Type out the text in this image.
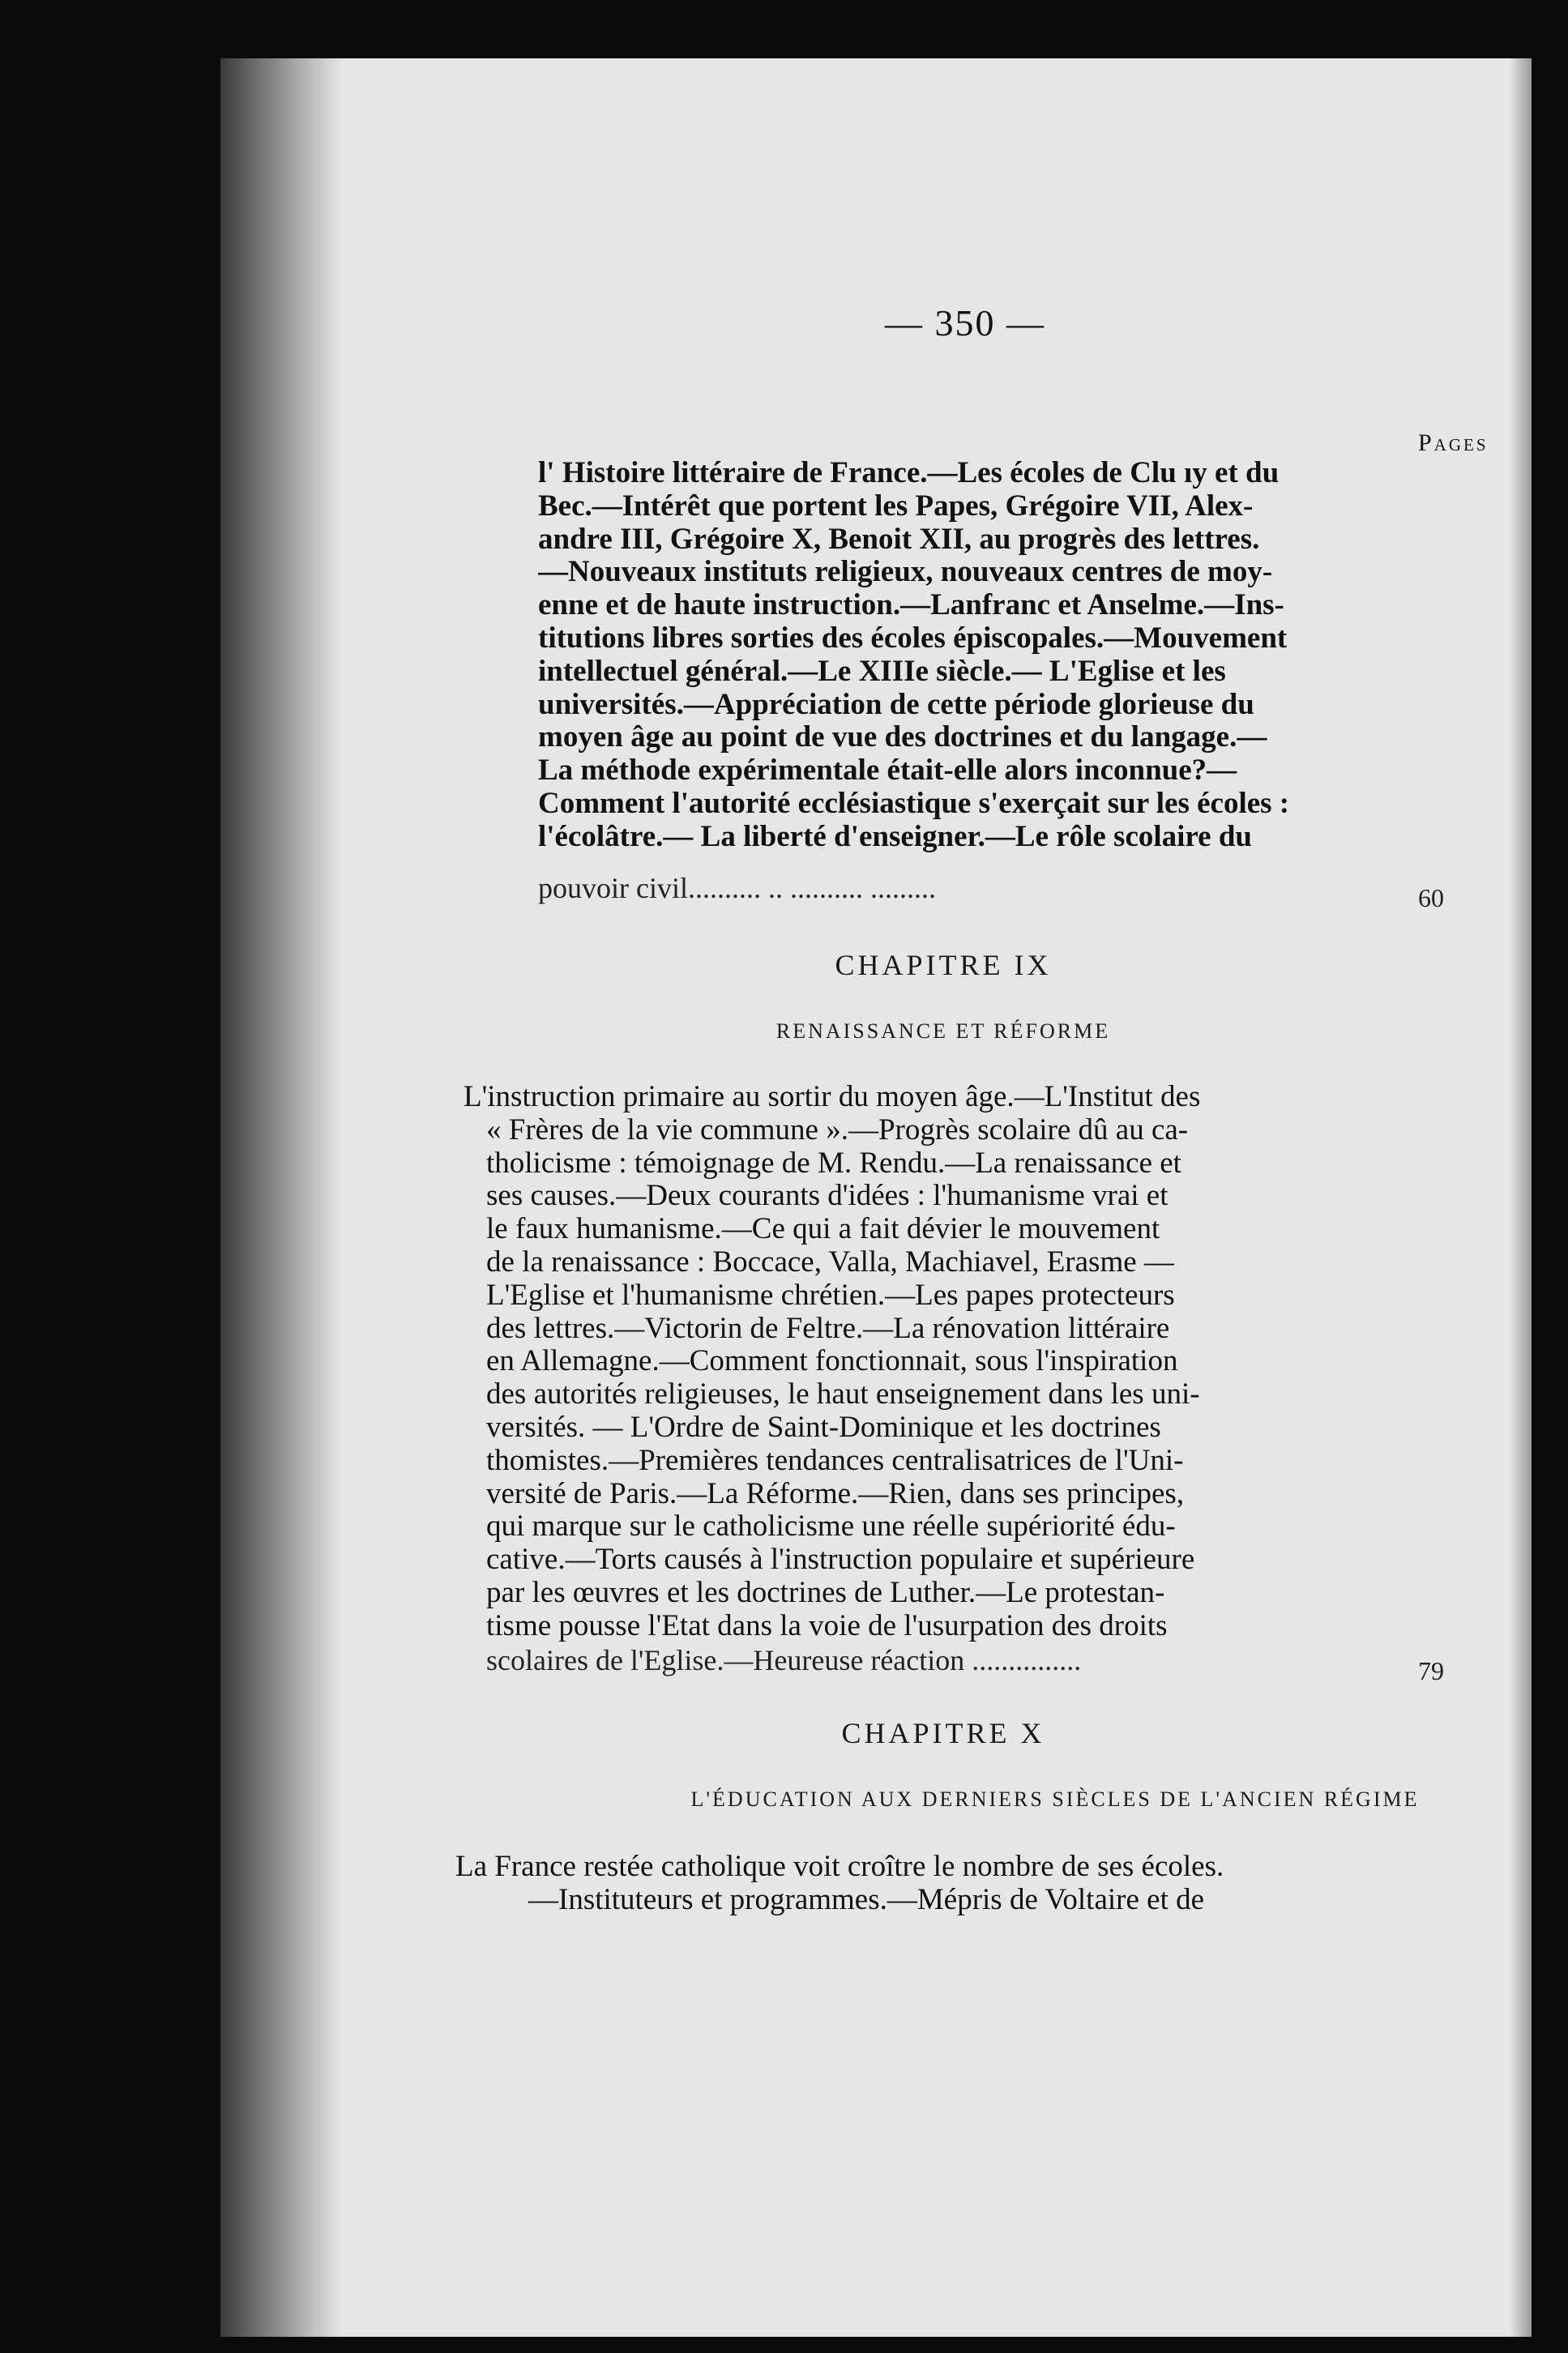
— 350 —
Pages
l' Histoire littéraire de France.—Les écoles de Clu ıy et du
Bec.—Intérêt que portent les Papes, Grégoire VII, Alex-
andre III, Grégoire X, Benoit XII, au progrès des lettres.
—Nouveaux instituts religieux, nouveaux centres de moy-
enne et de haute instruction.—Lanfranc et Anselme.—Ins-
titutions libres sorties des écoles épiscopales.—Mouvement
intellectuel général.—Le XIIIe siècle.— L'Eglise et les
universités.—Appréciation de cette période glorieuse du
moyen âge au point de vue des doctrines et du langage.—
La méthode expérimentale était-elle alors inconnue?—
Comment l'autorité ecclésiastique s'exerçait sur les écoles :
l'écolâtre.— La liberté d'enseigner.—Le rôle scolaire du
pouvoir civil.......... .. .......... .........	60
CHAPITRE IX
RENAISSANCE ET RÉFORME
L'instruction primaire au sortir du moyen âge.—L'Institut des
« Frères de la vie commune ».—Progrès scolaire dû au ca-
tholicisme : témoignage de M. Rendu.—La renaissance et
ses causes.—Deux courants d'idées : l'humanisme vrai et
le faux humanisme.—Ce qui a fait dévier le mouvement
de la renaissance : Boccace, Valla, Machiavel, Erasme —
L'Eglise et l'humanisme chrétien.—Les papes protecteurs
des lettres.—Victorin de Feltre.—La rénovation littéraire
en Allemagne.—Comment fonctionnait, sous l'inspiration
des autorités religieuses, le haut enseignement dans les uni-
versités. — L'Ordre de Saint-Dominique et les doctrines
thomistes.—Premières tendances centralisatrices de l'Uni-
versité de Paris.—La Réforme.—Rien, dans ses principes,
qui marque sur le catholicisme une réelle supériorité édu-
cative.—Torts causés à l'instruction populaire et supérieure
par les œuvres et les doctrines de Luther.—Le protestan-
tisme pousse l'Etat dans la voie de l'usurpation des droits
scolaires de l'Eglise.—Heureuse réaction ...............	79
CHAPITRE X
L'ÉDUCATION AUX DERNIERS SIÈCLES DE L'ANCIEN RÉGIME
La France restée catholique voit croître le nombre de ses écoles.
—Instituteurs et programmes.—Mépris de Voltaire et de
